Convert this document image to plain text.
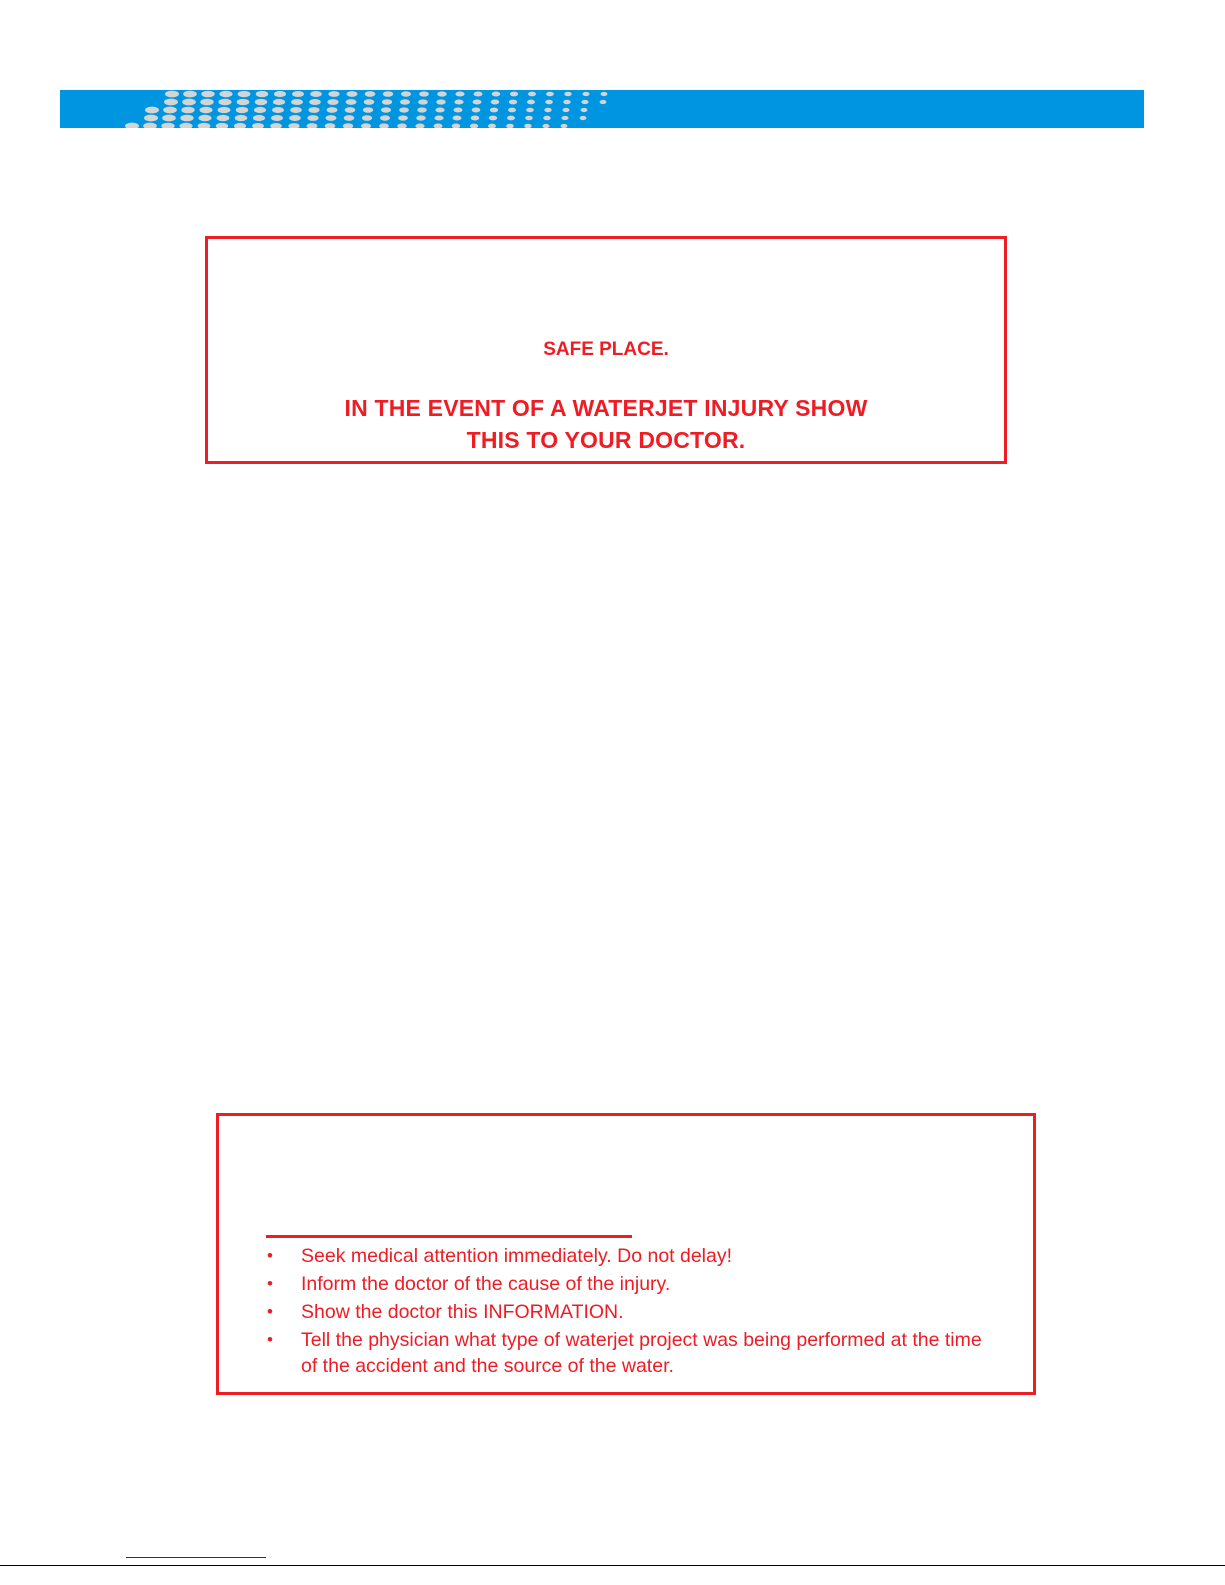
SAFE PLACE.
IN THE EVENT OF A WATERJET INJURY SHOW
THIS TO YOUR DOCTOR.
• Seek medical attention immediately. Do not delay!
• Inform the doctor of the cause of the injury.
• Show the doctor this INFORMATION.
• Tell the physician what type of waterjet project was being performed at the time of the accident and the source of the water.
